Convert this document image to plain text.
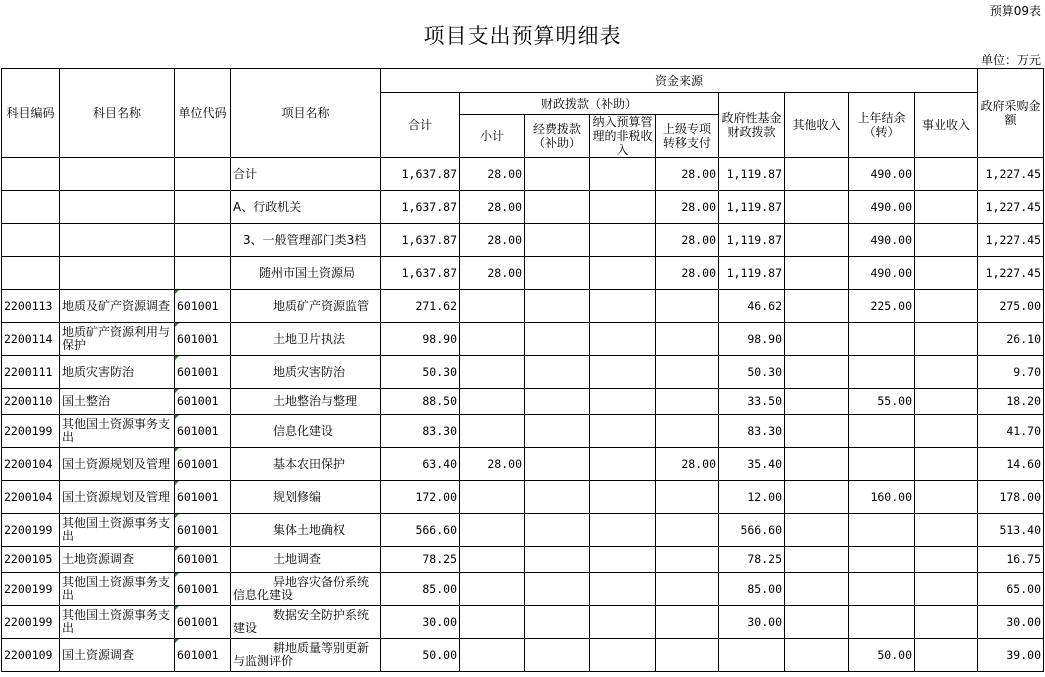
预算09表
项目支出预算明细表
单位：万元
科目编码	科目名称	单位代码	项目名称	资金来源									政府采购金额
				合计	财政拨款（补助）				政府性基金财政拨款	其他收入	上年结余（转）	事业收入	
					小计	经费拨款（补助）	纳入预算管理的非税收入	上级专项转移支付					
			合计	1,637.87	28.00			28.00	1,119.87		490.00		1,227.45
			A、行政机关	1,637.87	28.00			28.00	1,119.87		490.00		1,227.45
			3、一般管理部门类3档	1,637.87	28.00			28.00	1,119.87		490.00		1,227.45
			随州市国土资源局	1,637.87	28.00			28.00	1,119.87		490.00		1,227.45
2200113	地质及矿产资源调查	601001	地质矿产资源监管	271.62					46.62		225.00		275.00
2200114	地质矿产资源利用与保护	601001	土地卫片执法	98.90					98.90				26.10
2200111	地质灾害防治	601001	地质灾害防治	50.30					50.30				9.70
2200110	国土整治	601001	土地整治与整理	88.50					33.50		55.00		18.20
2200199	其他国土资源事务支出	601001	信息化建设	83.30					83.30				41.70
2200104	国土资源规划及管理	601001	基本农田保护	63.40	28.00			28.00	35.40				14.60
2200104	国土资源规划及管理	601001	规划修编	172.00					12.00		160.00		178.00
2200199	其他国土资源事务支出	601001	集体土地确权	566.60					566.60				513.40
2200105	土地资源调查	601001	土地调查	78.25					78.25				16.75
2200199	其他国土资源事务支出	601001	异地容灾备份系统信息化建设	85.00					85.00				65.00
2200199	其他国土资源事务支出	601001	数据安全防护系统建设	30.00					30.00				30.00
2200109	国土资源调查	601001	耕地质量等别更新与监测评价	50.00							50.00		39.00
